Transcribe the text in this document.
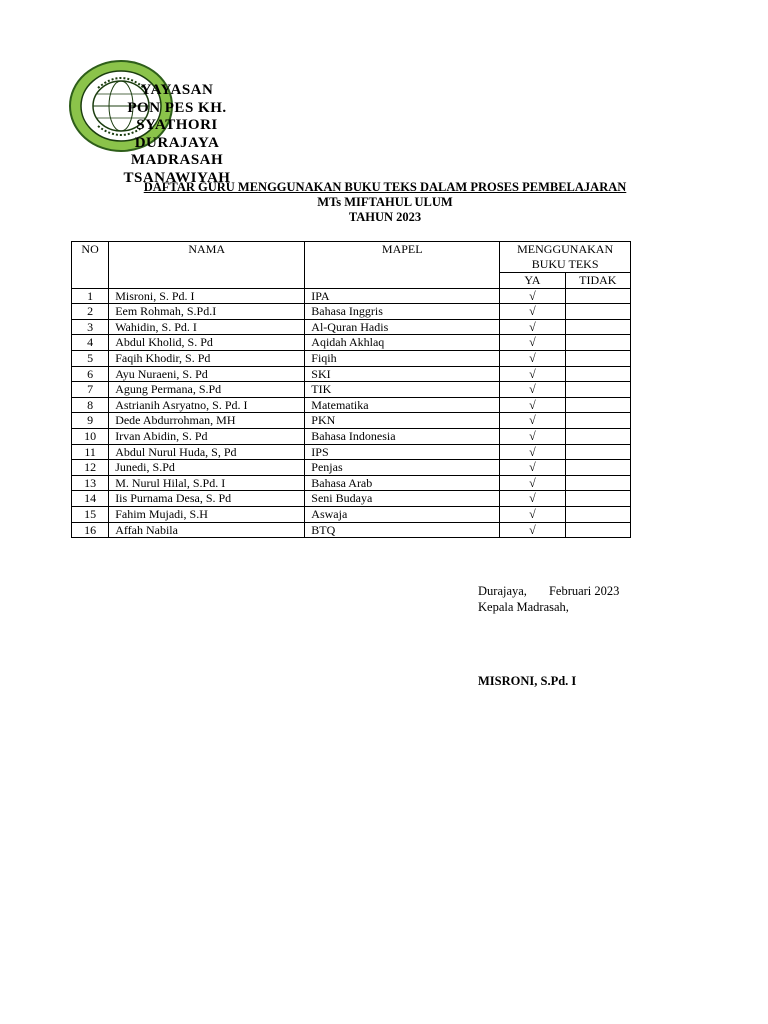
YAYASAN
PON PES KH.
SYATHORI
DURAJAYA
MADRASAH
TSANAWIYAH
DAFTAR GURU MENGGUNAKAN BUKU TEKS DALAM PROSES PEMBELAJARAN
MTs MIFTAHUL ULUM
TAHUN 2023
NO	NAMA	MAPEL	MENGGUNAKAN BUKU TEKS	
			YA	TIDAK
1	Misroni, S. Pd. I	IPA	√	
2	Eem Rohmah, S.Pd.I	Bahasa Inggris	√	
3	Wahidin, S. Pd. I	Al-Quran Hadis	√	
4	Abdul Kholid, S. Pd	Aqidah Akhlaq	√	
5	Faqih Khodir, S. Pd	Fiqih	√	
6	Ayu Nuraeni, S. Pd	SKI	√	
7	Agung Permana, S.Pd	TIK	√	
8	Astrianih Asryatno, S. Pd. I	Matematika	√	
9	Dede Abdurrohman, MH	PKN	√	
10	Irvan Abidin, S. Pd	Bahasa Indonesia	√	
11	Abdul Nurul Huda, S, Pd	IPS	√	
12	Junedi, S.Pd	Penjas	√	
13	M. Nurul Hilal, S.Pd. I	Bahasa Arab	√	
14	Iis Purnama Desa, S. Pd	Seni Budaya	√	
15	Fahim Mujadi, S.H	Aswaja	√	
16	Affah Nabila	BTQ	√	
Durajaya, Februari 2023
Kepala Madrasah,
MISRONI, S.Pd. I
